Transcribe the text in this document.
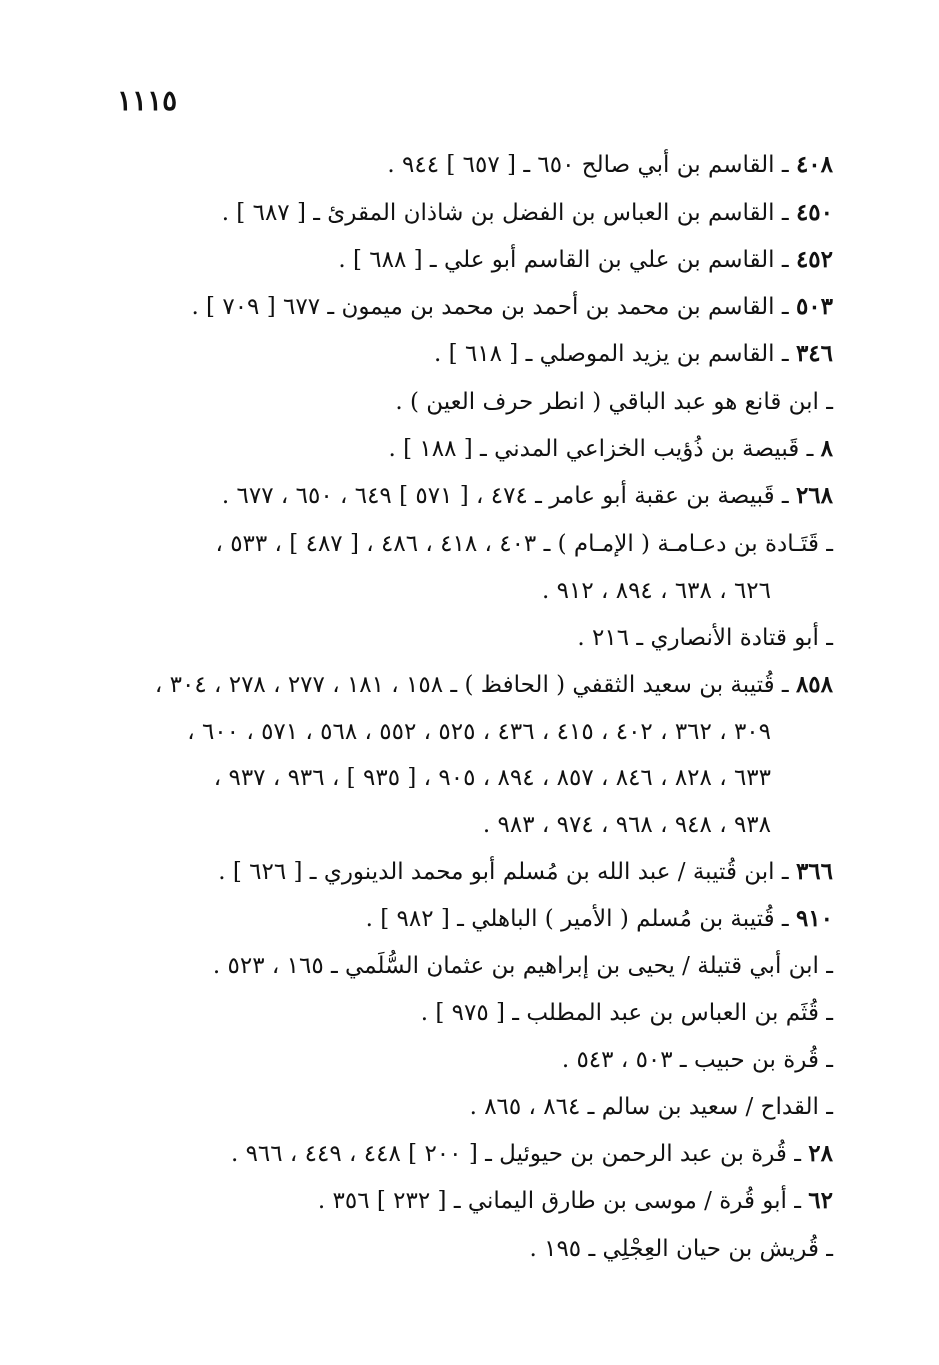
١١١٥
٤٠٨ ـ القاسم بن أبي صالح ٦٥٠ ـ [ ٦٥٧ ] ٩٤٤ .
٤٥٠ ـ القاسم بن العباس بن الفضل بن شاذان المقرئ ـ [ ٦٨٧ ] .
٤٥٢ ـ القاسم بن علي بن القاسم أبو علي ـ [ ٦٨٨ ] .
٥٠٣ ـ القاسم بن محمد بن أحمد بن محمد بن ميمون ـ ٦٧٧ [ ٧٠٩ ] .
٣٤٦ ـ القاسم بن يزيد الموصلي ـ [ ٦١٨ ] .
ـ ابن قانع هو عبد الباقي ( انطر حرف العين ) .
٨ ـ قَبيصة بن ذُؤيب الخزاعي المدني ـ [ ١٨٨ ] .
٢٦٨ ـ قَبيصة بن عقبة أبو عامر ـ ٤٧٤ ، [ ٥٧١ ] ٦٤٩ ، ٦٥٠ ، ٦٧٧ .
ـ قَتَـادة بن دعـامـة ( الإمـام ) ـ ٤٠٣ ، ٤١٨ ، ٤٨٦ ، [ ٤٨٧ ] ، ٥٣٣ ،
٦٢٦ ، ٦٣٨ ، ٨٩٤ ، ٩١٢ .
ـ أبو قتادة الأنصاري ـ ٢١٦ .
٨٥٨ ـ قُتيبة بن سعيد الثقفي ( الحافظ ) ـ ١٥٨ ، ١٨١ ، ٢٧٧ ، ٢٧٨ ، ٣٠٤ ،
٣٠٩ ، ٣٦٢ ، ٤٠٢ ، ٤١٥ ، ٤٣٦ ، ٥٢٥ ، ٥٥٢ ، ٥٦٨ ، ٥٧١ ، ٦٠٠ ،
٦٣٣ ، ٨٢٨ ، ٨٤٦ ، ٨٥٧ ، ٨٩٤ ، ٩٠٥ ، [ ٩٣٥ ] ، ٩٣٦ ، ٩٣٧ ،
٩٣٨ ، ٩٤٨ ، ٩٦٨ ، ٩٧٤ ، ٩٨٣ .
٣٦٦ ـ ابن قُتيبة / عبد الله بن مُسلم أبو محمد الدينوري ـ [ ٦٢٦ ] .
٩١٠ ـ قُتيبة بن مُسلم ( الأمير ) الباهلي ـ [ ٩٨٢ ] .
ـ ابن أبي قتيلة / يحيى بن إبراهيم بن عثمان السُّلَمي ـ ١٦٥ ، ٥٢٣ .
ـ قُثَم بن العباس بن عبد المطلب ـ [ ٩٧٥ ] .
ـ قُرة بن حبيب ـ ٥٠٣ ، ٥٤٣ .
ـ القداح / سعيد بن سالم ـ ٨٦٤ ، ٨٦٥ .
٢٨ ـ قُرة بن عبد الرحمن بن حيوئيل ـ [ ٢٠٠ ] ٤٤٨ ، ٤٤٩ ، ٩٦٦ .
٦٢ ـ أبو قُرة / موسى بن طارق اليماني ـ [ ٢٣٢ ] ٣٥٦ .
ـ قُريش بن حيان العِجْلِي ـ ١٩٥ .
